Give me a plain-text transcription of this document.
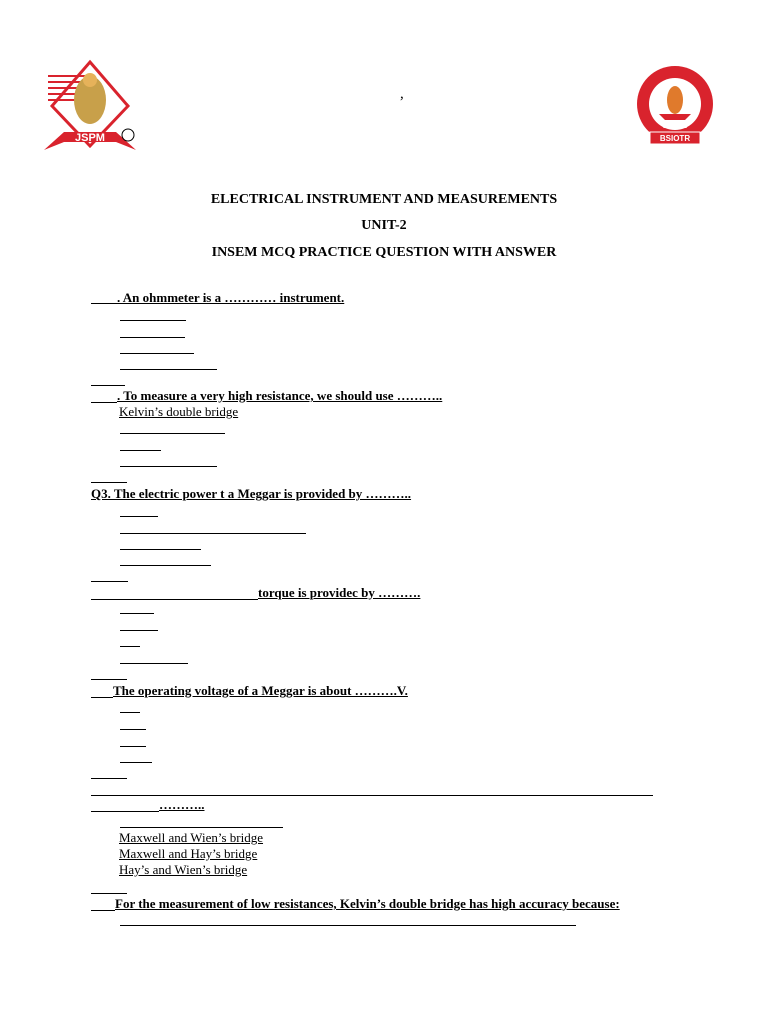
JSPM
JSPM's
BSIOTR
,
ELECTRICAL INSTRUMENT AND MEASUREMENTS
UNIT-2
INSEM MCQ PRACTICE QUESTION WITH ANSWER
. An ohmmeter is a ………… instrument.
. To measure a very high resistance, we should use ………..
Kelvin’s double bridge
Q3. The electric power t a Meggar is provided by ………..
torque is providec by ……….
The operating voltage of a Meggar is about ……….V.
………..
Maxwell and Wien’s bridge
Maxwell and Hay’s bridge
Hay’s and Wien’s bridge
For the measurement of low resistances, Kelvin’s double bridge has high accuracy because:
